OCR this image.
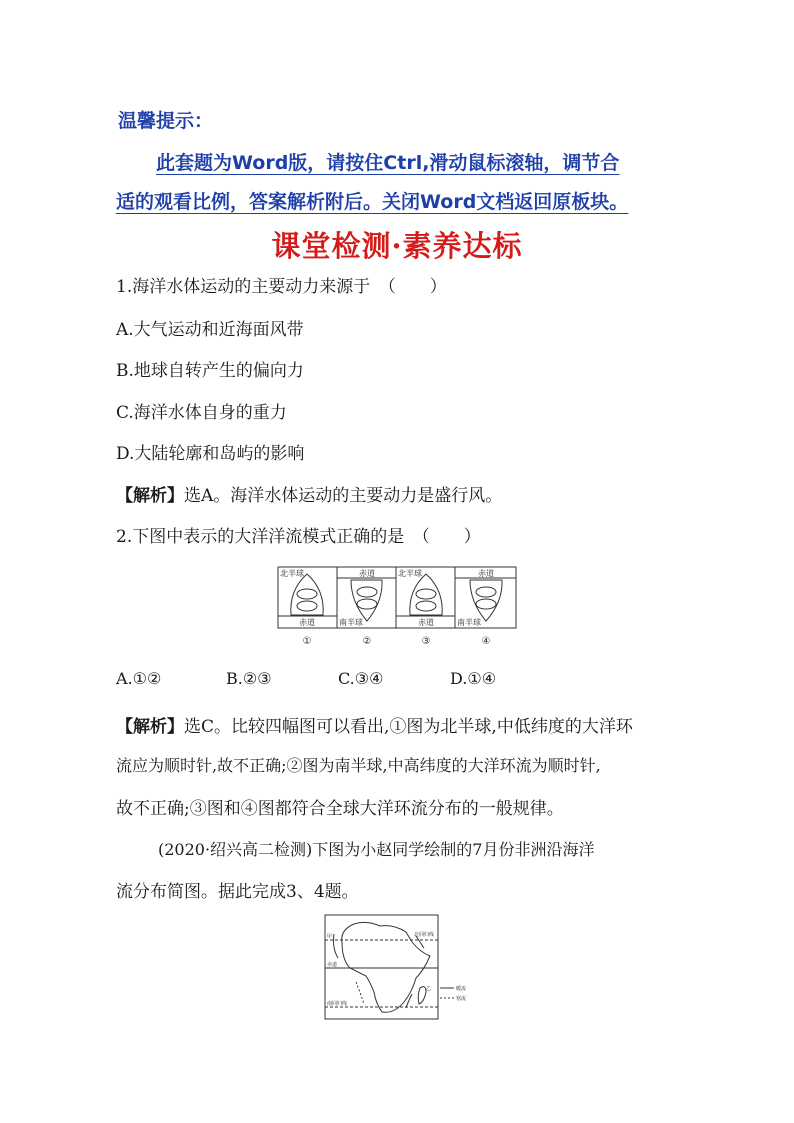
温馨提示：
此套题为Word版，请按住Ctrl,滑动鼠标滚轴，调节合
适的观看比例，答案解析附后。关闭Word文档返回原板块。
课堂检测·素养达标
1.海洋水体运动的主要动力来源于　（　　）
A.大气运动和近海面风带
B.地球自转产生的偏向力
C.海洋水体自身的重力
D.大陆轮廓和岛屿的影响
【解析】选A。海洋水体运动的主要动力是盛行风。
2.下图中表示的大洋洋流模式正确的是　（　　）
北半球
赤道
赤道
南半球
北半球
赤道
赤道
南半球
①	②	③	④
A.①②	B.②③	C.③④	D.①④
【解析】选C。比较四幅图可以看出,①图为北半球,中低纬度的大洋环
流应为顺时针,故不正确;②图为南半球,中高纬度的大洋环流为顺时针,
故不正确;③图和④图都符合全球大洋环流分布的一般规律。
(2020·绍兴高二检测)下图为小赵同学绘制的7月份非洲沿海洋
流分布简图。据此完成3、4题。
北回归线
赤道
南回归线
甲
乙	暖流
寒流
